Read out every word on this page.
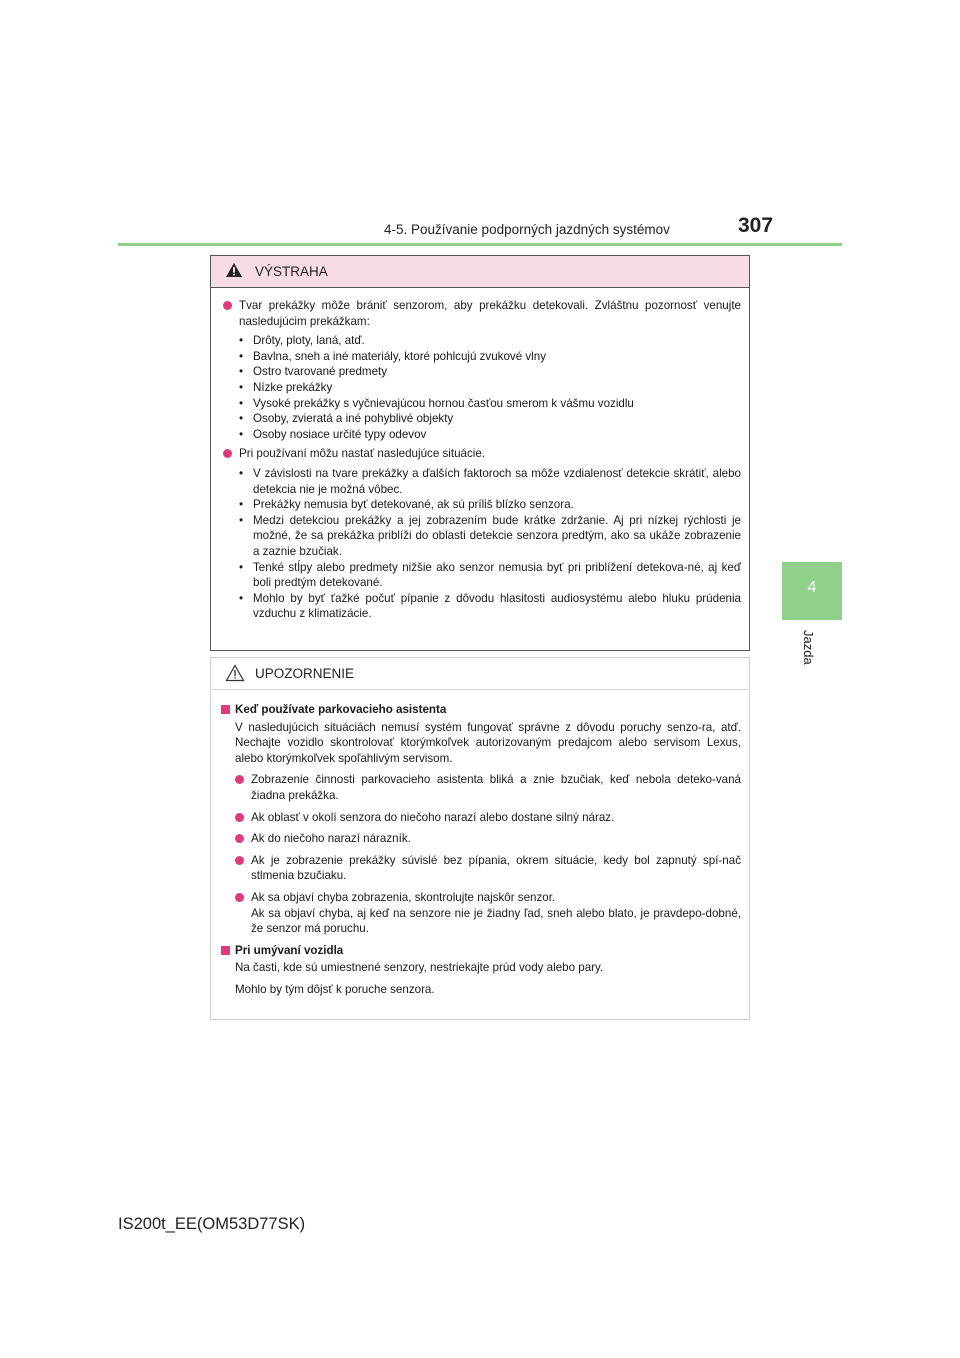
4-5. Používanie podporných jazdných systémov	307
4
Jazda
VÝSTRAHA
Tvar prekážky môže brániť senzorom, aby prekážku detekovali. Zvláštnu pozornosť venujte nasledujúcim prekážkam:
• Drôty, ploty, laná, atď.
• Bavlna, sneh a iné materiály, ktoré pohlcujú zvukové vlny
• Ostro tvarované predmety
• Nízke prekážky
• Vysoké prekážky s vyčnievajúcou hornou časťou smerom k vášmu vozidlu
• Osoby, zvieratá a iné pohyblivé objekty
• Osoby nosiace určité typy odevov
Pri používaní môžu nastať nasledujúce situácie.
• V závislosti na tvare prekážky a ďalších faktoroch sa môže vzdialenosť detekcie skrátiť, alebo detekcia nie je možná vôbec.
• Prekážky nemusia byť detekované, ak sú príliš blízko senzora.
• Medzi detekciou prekážky a jej zobrazením bude krátke zdržanie. Aj pri nízkej rýchlosti je možné, že sa prekážka priblíži do oblasti detekcie senzora predtým, ako sa ukáže zobrazenie a zaznie bzučiak.
• Tenké stĺpy alebo predmety nižšie ako senzor nemusia byť pri priblížení detekova-né, aj keď boli predtým detekované.
• Mohlo by byť ťažké počuť pípanie z dôvodu hlasitosti audiosystému alebo hluku prúdenia vzduchu z klimatizácie.
UPOZORNENIE
Keď používate parkovacieho asistenta
V nasledujúcich situáciách nemusí systém fungovať správne z dôvodu poruchy senzo-ra, atď. Nechajte vozidlo skontrolovať ktorýmkoľvek autorizovaným predajcom alebo servisom Lexus, alebo ktorýmkoľvek spoľahlivým servisom.
Zobrazenie činnosti parkovacieho asistenta bliká a znie bzučiak, keď nebola deteko-vaná žiadna prekážka.
Ak oblasť v okolí senzora do niečoho narazí alebo dostane silný náraz.
Ak do niečoho narazí nárazník.
Ak je zobrazenie prekážky súvislé bez pípania, okrem situácie, kedy bol zapnutý spí-nač stlmenia bzučiaku.
Ak sa objaví chyba zobrazenia, skontrolujte najskôr senzor.
Ak sa objaví chyba, aj keď na senzore nie je žiadny ľad, sneh alebo blato, je pravdepo-dobné, že senzor má poruchu.
Pri umývaní vozidla
Na časti, kde sú umiestnené senzory, nestriekajte prúd vody alebo pary.
Mohlo by tým dôjsť k poruche senzora.
IS200t_EE(OM53D77SK)
